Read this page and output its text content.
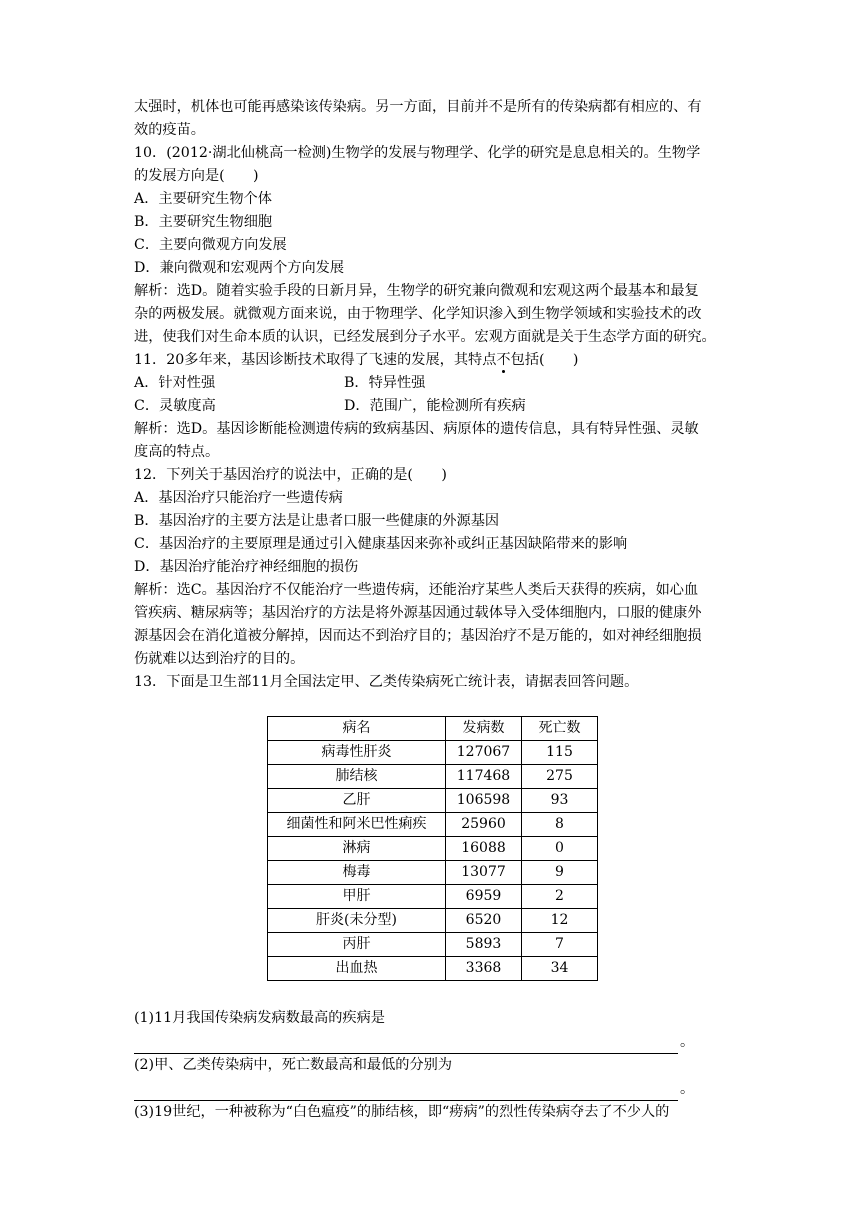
太强时，机体也可能再感染该传染病。另一方面，目前并不是所有的传染病都有相应的、有

效的疫苗。

10．(2012·湖北仙桃高一检测)生物学的发展与物理学、化学的研究是息息相关的。生物学

的发展方向是(　　)

A．主要研究生物个体

B．主要研究生物细胞

C．主要向微观方向发展

D．兼向微观和宏观两个方向发展

解析：选D。随着实验手段的日新月异，生物学的研究兼向微观和宏观这两个最基本和最复

杂的两极发展。就微观方面来说，由于物理学、化学知识渗入到生物学领域和实验技术的改

进，使我们对生命本质的认识，已经发展到分子水平。宏观方面就是关于生态学方面的研究。

11．20多年来，基因诊断技术取得了飞速的发展，其特点不包括(　　)

A．针对性强	B．特异性强
C．灵敏度高	D．范围广，能检测所有疾病

解析：选D。基因诊断能检测遗传病的致病基因、病原体的遗传信息，具有特异性强、灵敏

度高的特点。

12．下列关于基因治疗的说法中，正确的是(　　)

A．基因治疗只能治疗一些遗传病

B．基因治疗的主要方法是让患者口服一些健康的外源基因

C．基因治疗的主要原理是通过引入健康基因来弥补或纠正基因缺陷带来的影响

D．基因治疗能治疗神经细胞的损伤

解析：选C。基因治疗不仅能治疗一些遗传病，还能治疗某些人类后天获得的疾病，如心血

管疾病、糖尿病等；基因治疗的方法是将外源基因通过载体导入受体细胞内，口服的健康外

源基因会在消化道被分解掉，因而达不到治疗目的；基因治疗不是万能的，如对神经细胞损

伤就难以达到治疗的目的。

13．下面是卫生部11月全国法定甲、乙类传染病死亡统计表，请据表回答问题。

病名	发病数	死亡数
病毒性肝炎	127067	115
肺结核	117468	275
乙肝	106598	93
细菌性和阿米巴性痢疾	25960	8
淋病	16088	0
梅毒	13077	9
甲肝	6959	2
肝炎(未分型)	6520	12
丙肝	5893	7
出血热	3368	34

(1)11月我国传染病发病数最高的疾病是

。

(2)甲、乙类传染病中，死亡数最高和最低的分别为

。

(3)19世纪，一种被称为“白色瘟疫”的肺结核，即“痨病”的烈性传染病夺去了不少人的
